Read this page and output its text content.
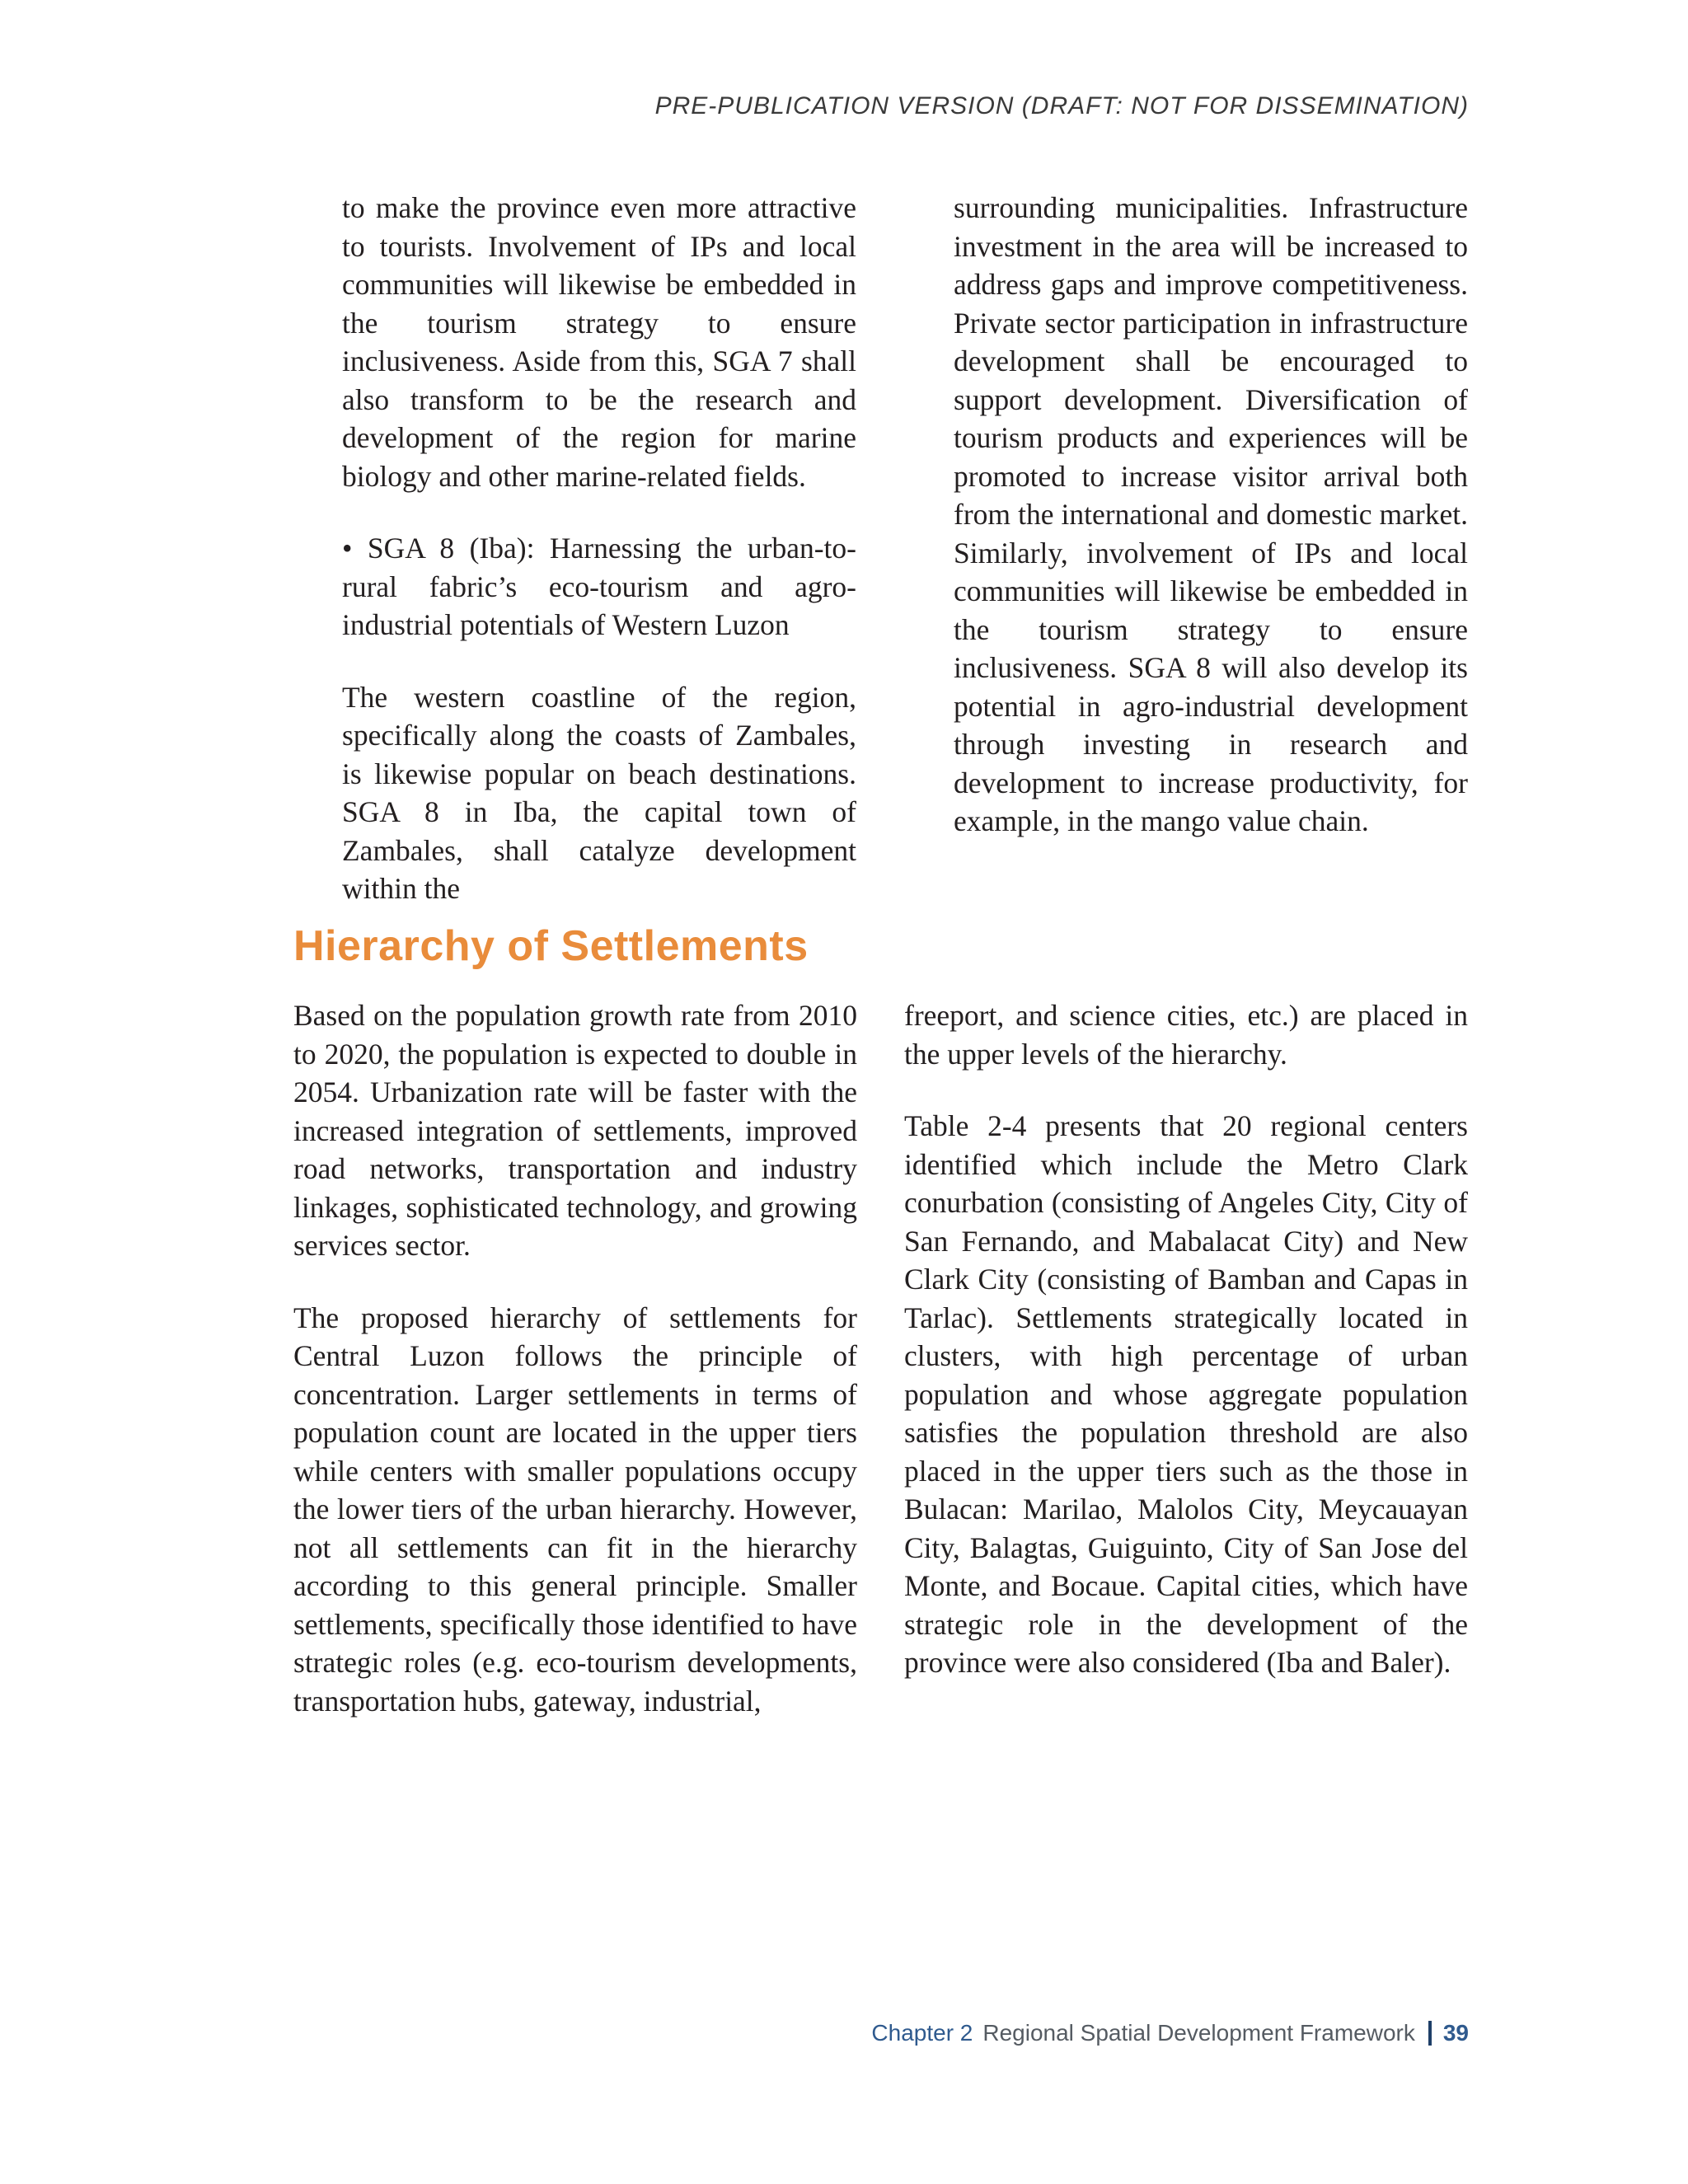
PRE-PUBLICATION VERSION (DRAFT: NOT FOR DISSEMINATION)

to make the province even more attractive to tourists. Involvement of IPs and local communities will likewise be embedded in the tourism strategy to ensure inclusiveness. Aside from this, SGA 7 shall also transform to be the research and development of the region for marine biology and other marine-related fields.

• SGA 8 (Iba): Harnessing the urban-to-rural fabric’s eco-tourism and agro-industrial potentials of Western Luzon

The western coastline of the region, specifically along the coasts of Zambales, is likewise popular on beach destinations. SGA 8 in Iba, the capital town of Zambales, shall catalyze development within the

surrounding municipalities. Infrastructure investment in the area will be increased to address gaps and improve competitiveness. Private sector participation in infrastructure development shall be encouraged to support development. Diversification of tourism products and experiences will be promoted to increase visitor arrival both from the international and domestic market. Similarly, involvement of IPs and local communities will likewise be embedded in the tourism strategy to ensure inclusiveness. SGA 8 will also develop its potential in agro-industrial development through investing in research and development to increase productivity, for example, in the mango value chain.

Hierarchy of Settlements

Based on the population growth rate from 2010 to 2020, the population is expected to double in 2054. Urbanization rate will be faster with the increased integration of settlements, improved road networks, transportation and industry linkages, sophisticated technology, and growing services sector.

The proposed hierarchy of settlements for Central Luzon follows the principle of concentration. Larger settlements in terms of population count are located in the upper tiers while centers with smaller populations occupy the lower tiers of the urban hierarchy. However, not all settlements can fit in the hierarchy according to this general principle. Smaller settlements, specifically those identified to have strategic roles (e.g. eco-tourism developments, transportation hubs, gateway, industrial,

freeport, and science cities, etc.) are placed in the upper levels of the hierarchy.

Table 2-4 presents that 20 regional centers identified which include the Metro Clark conurbation (consisting of Angeles City, City of San Fernando, and Mabalacat City) and New Clark City (consisting of Bamban and Capas in Tarlac). Settlements strategically located in clusters, with high percentage of urban population and whose aggregate population satisfies the population threshold are also placed in the upper tiers such as the those in Bulacan: Marilao, Malolos City, Meycauayan City, Balagtas, Guiguinto, City of San Jose del Monte, and Bocaue. Capital cities, which have strategic role in the development of the province were also considered (Iba and Baler).

Chapter 2 Regional Spatial Development Framework 39
